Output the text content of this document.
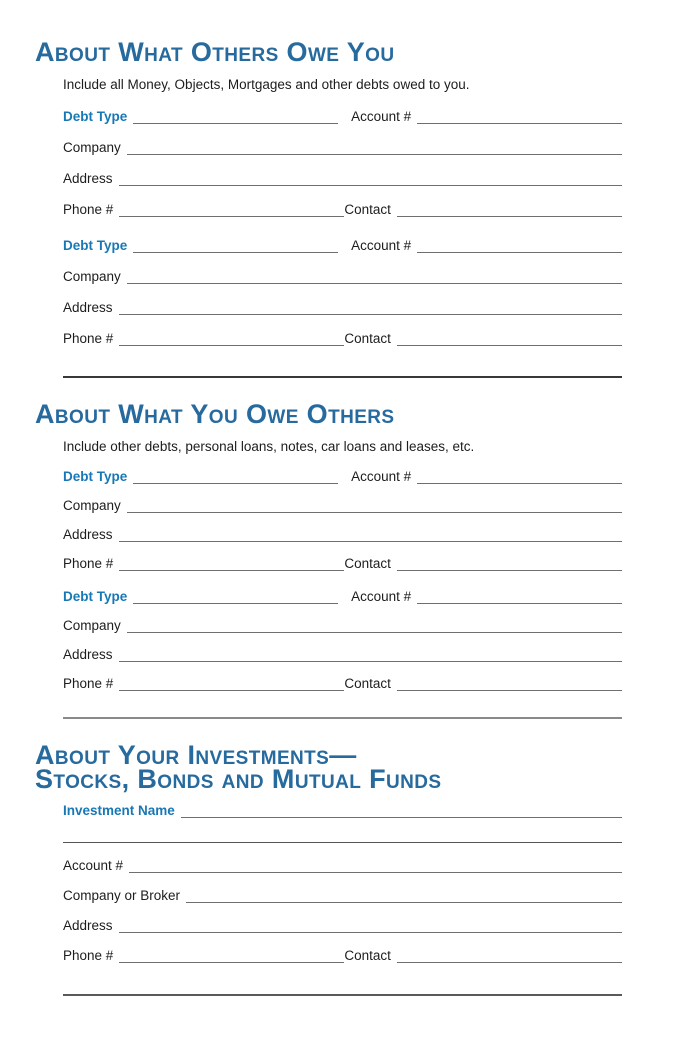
About What Others Owe You

Include all Money, Objects, Mortgages and other debts owed to you.

Debt Type	Account #
Company
Address
Phone #	Contact
Debt Type	Account #
Company
Address
Phone #	Contact
About What You Owe Others

Include other debts, personal loans, notes, car loans and leases, etc.

Debt Type	Account #
Company
Address
Phone #	Contact
Debt Type	Account #
Company
Address
Phone #	Contact
About Your Investments—
Stocks, Bonds and Mutual Funds
Investment Name
Account #
Company or Broker
Address
Phone #	Contact
